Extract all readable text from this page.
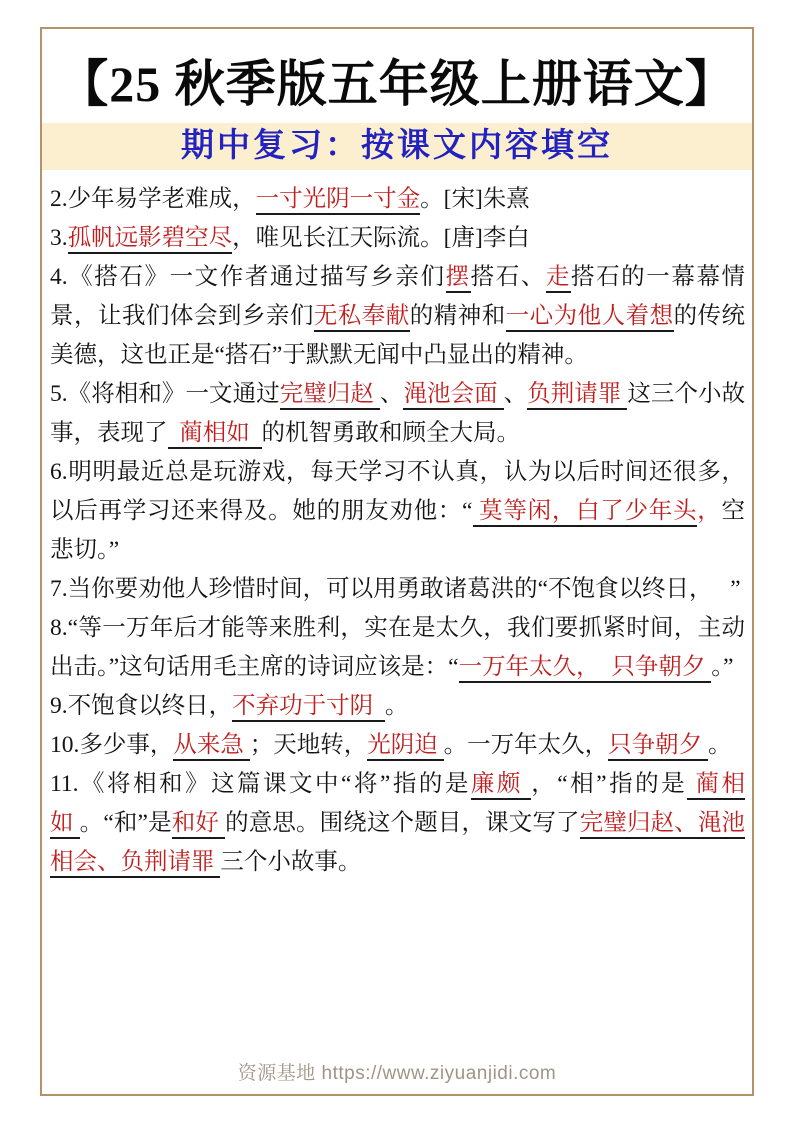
【25 秋季版五年级上册语文】
期中复习：按课文内容填空

2.少年易学老难成，一寸光阴一寸金。[宋]朱熹

3.孤帆远影碧空尽，唯见长江天际流。[唐]李白

4.《搭石》一文作者通过描写乡亲们摆搭石、走搭石的一幕幕情景，让我们体会到乡亲们无私奉献的精神和一心为他人着想的传统美德，这也正是“搭石”于默默无闻中凸显出的精神。

5.《将相和》一文通过完璧归赵 、渑池会面 、负荆请罪 这三个小故事，表现了  蔺相如  的机智勇敢和顾全大局。

6.明明最近总是玩游戏，每天学习不认真，认为以后时间还很多，以后再学习还来得及。她的朋友劝他：“ 莫等闲，白了少年头，空悲切。”

7.当你要劝他人珍惜时间，可以用勇敢诸葛洪的“不饱食以终日，   ”

8.“等一万年后才能等来胜利，实在是太久，我们要抓紧时间，主动出击。”这句话用毛主席的诗词应该是：“一万年太久，  只争朝夕 。”

9.不饱食以终日，不弃功于寸阴  。

10.多少事，从来急 ；天地转，光阴迫 。一万年太久，只争朝夕 。

11.《将相和》这篇课文中“将”指的是廉颇 ，“相”指的是 蔺相如 。“和”是和好 的意思。围绕这个题目，课文写了完璧归赵、渑池相会、负荆请罪 三个小故事。

资源基地 https://www.ziyuanjidi.com
